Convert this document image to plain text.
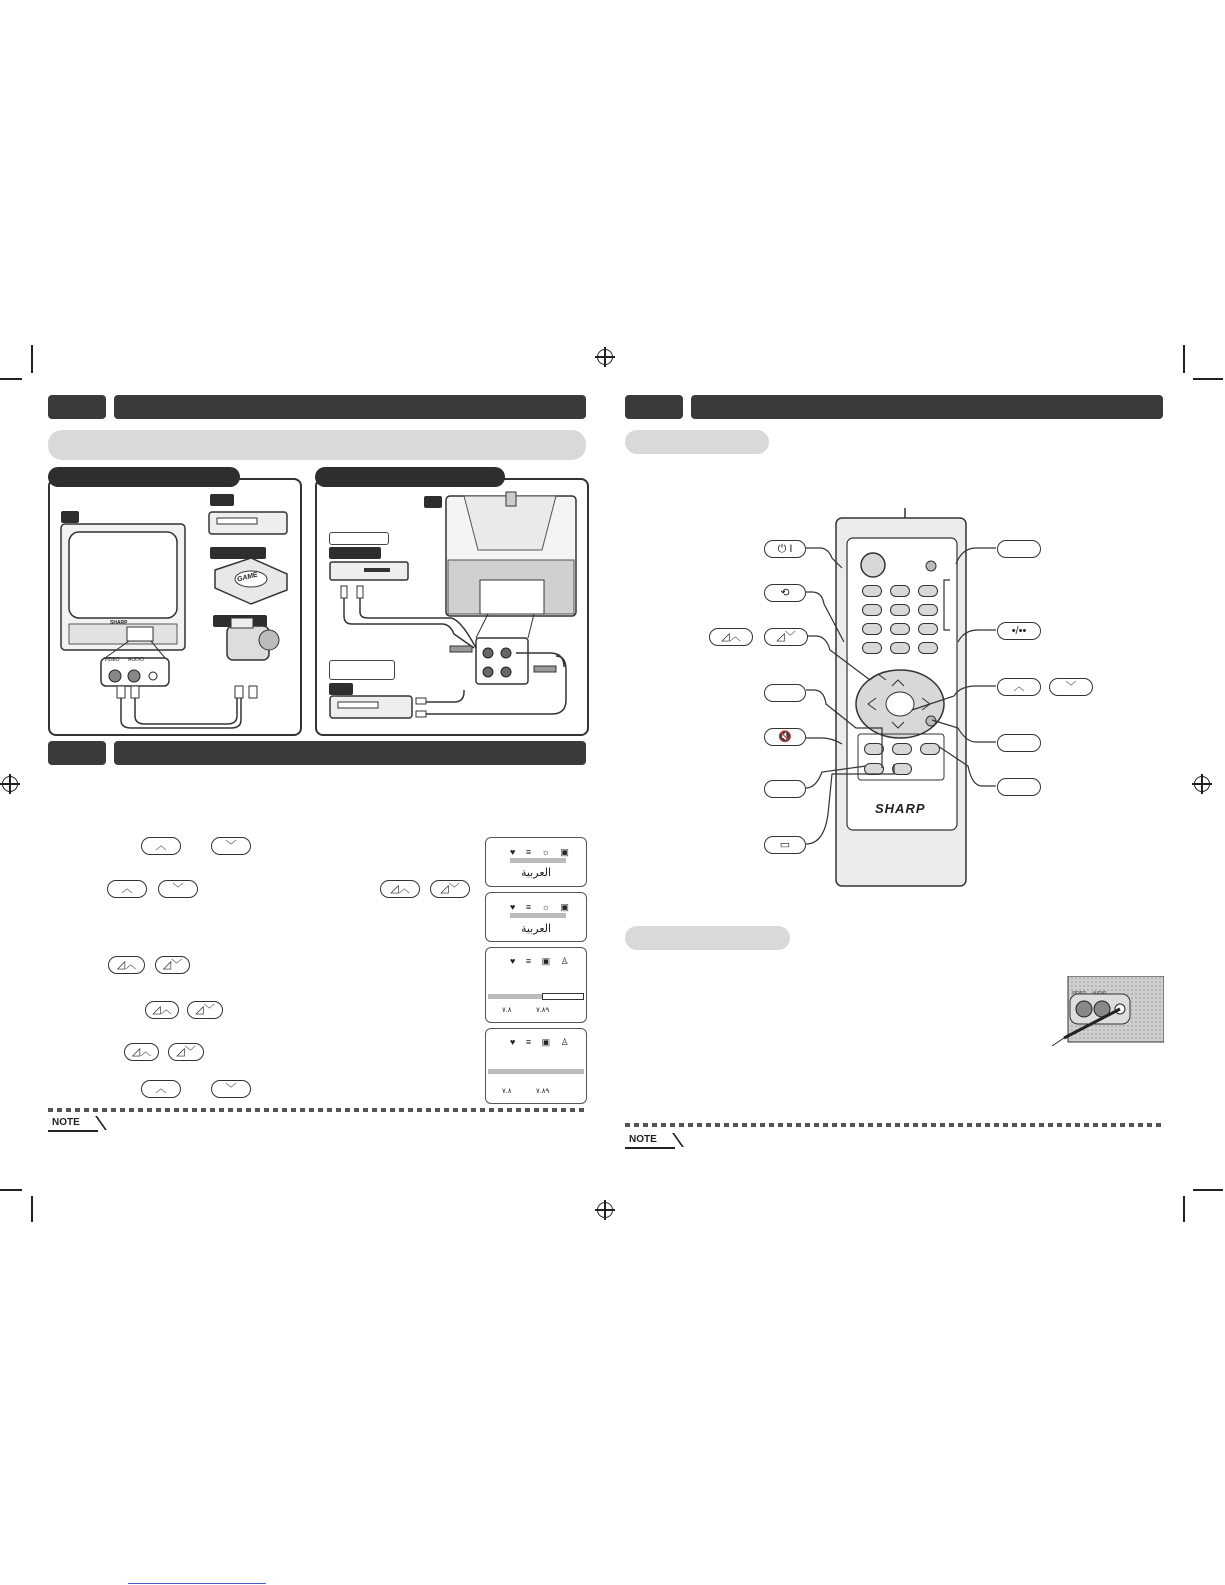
SHARP
VIDEO AUDIO
GAME
︿	﹀
︿	﹀	◿︿	◿﹀
◿︿	◿﹀
◿︿	◿﹀
◿︿	◿﹀
︿	﹀
♥ ≡ ☼ ▣
العربية
♥ ≡ ☼ ▣
العربية
♥ ≡ ▣ ♙
٧.٨	٧.٨٩
♥ ≡ ▣ ♙
٧.٨	٧.٨٩
NOTE
SHARP
⏻ I
⟲
◿︿	◿﹀
🔇
▭
•/••
︿	﹀
VIDEO AUDIO
NOTE
